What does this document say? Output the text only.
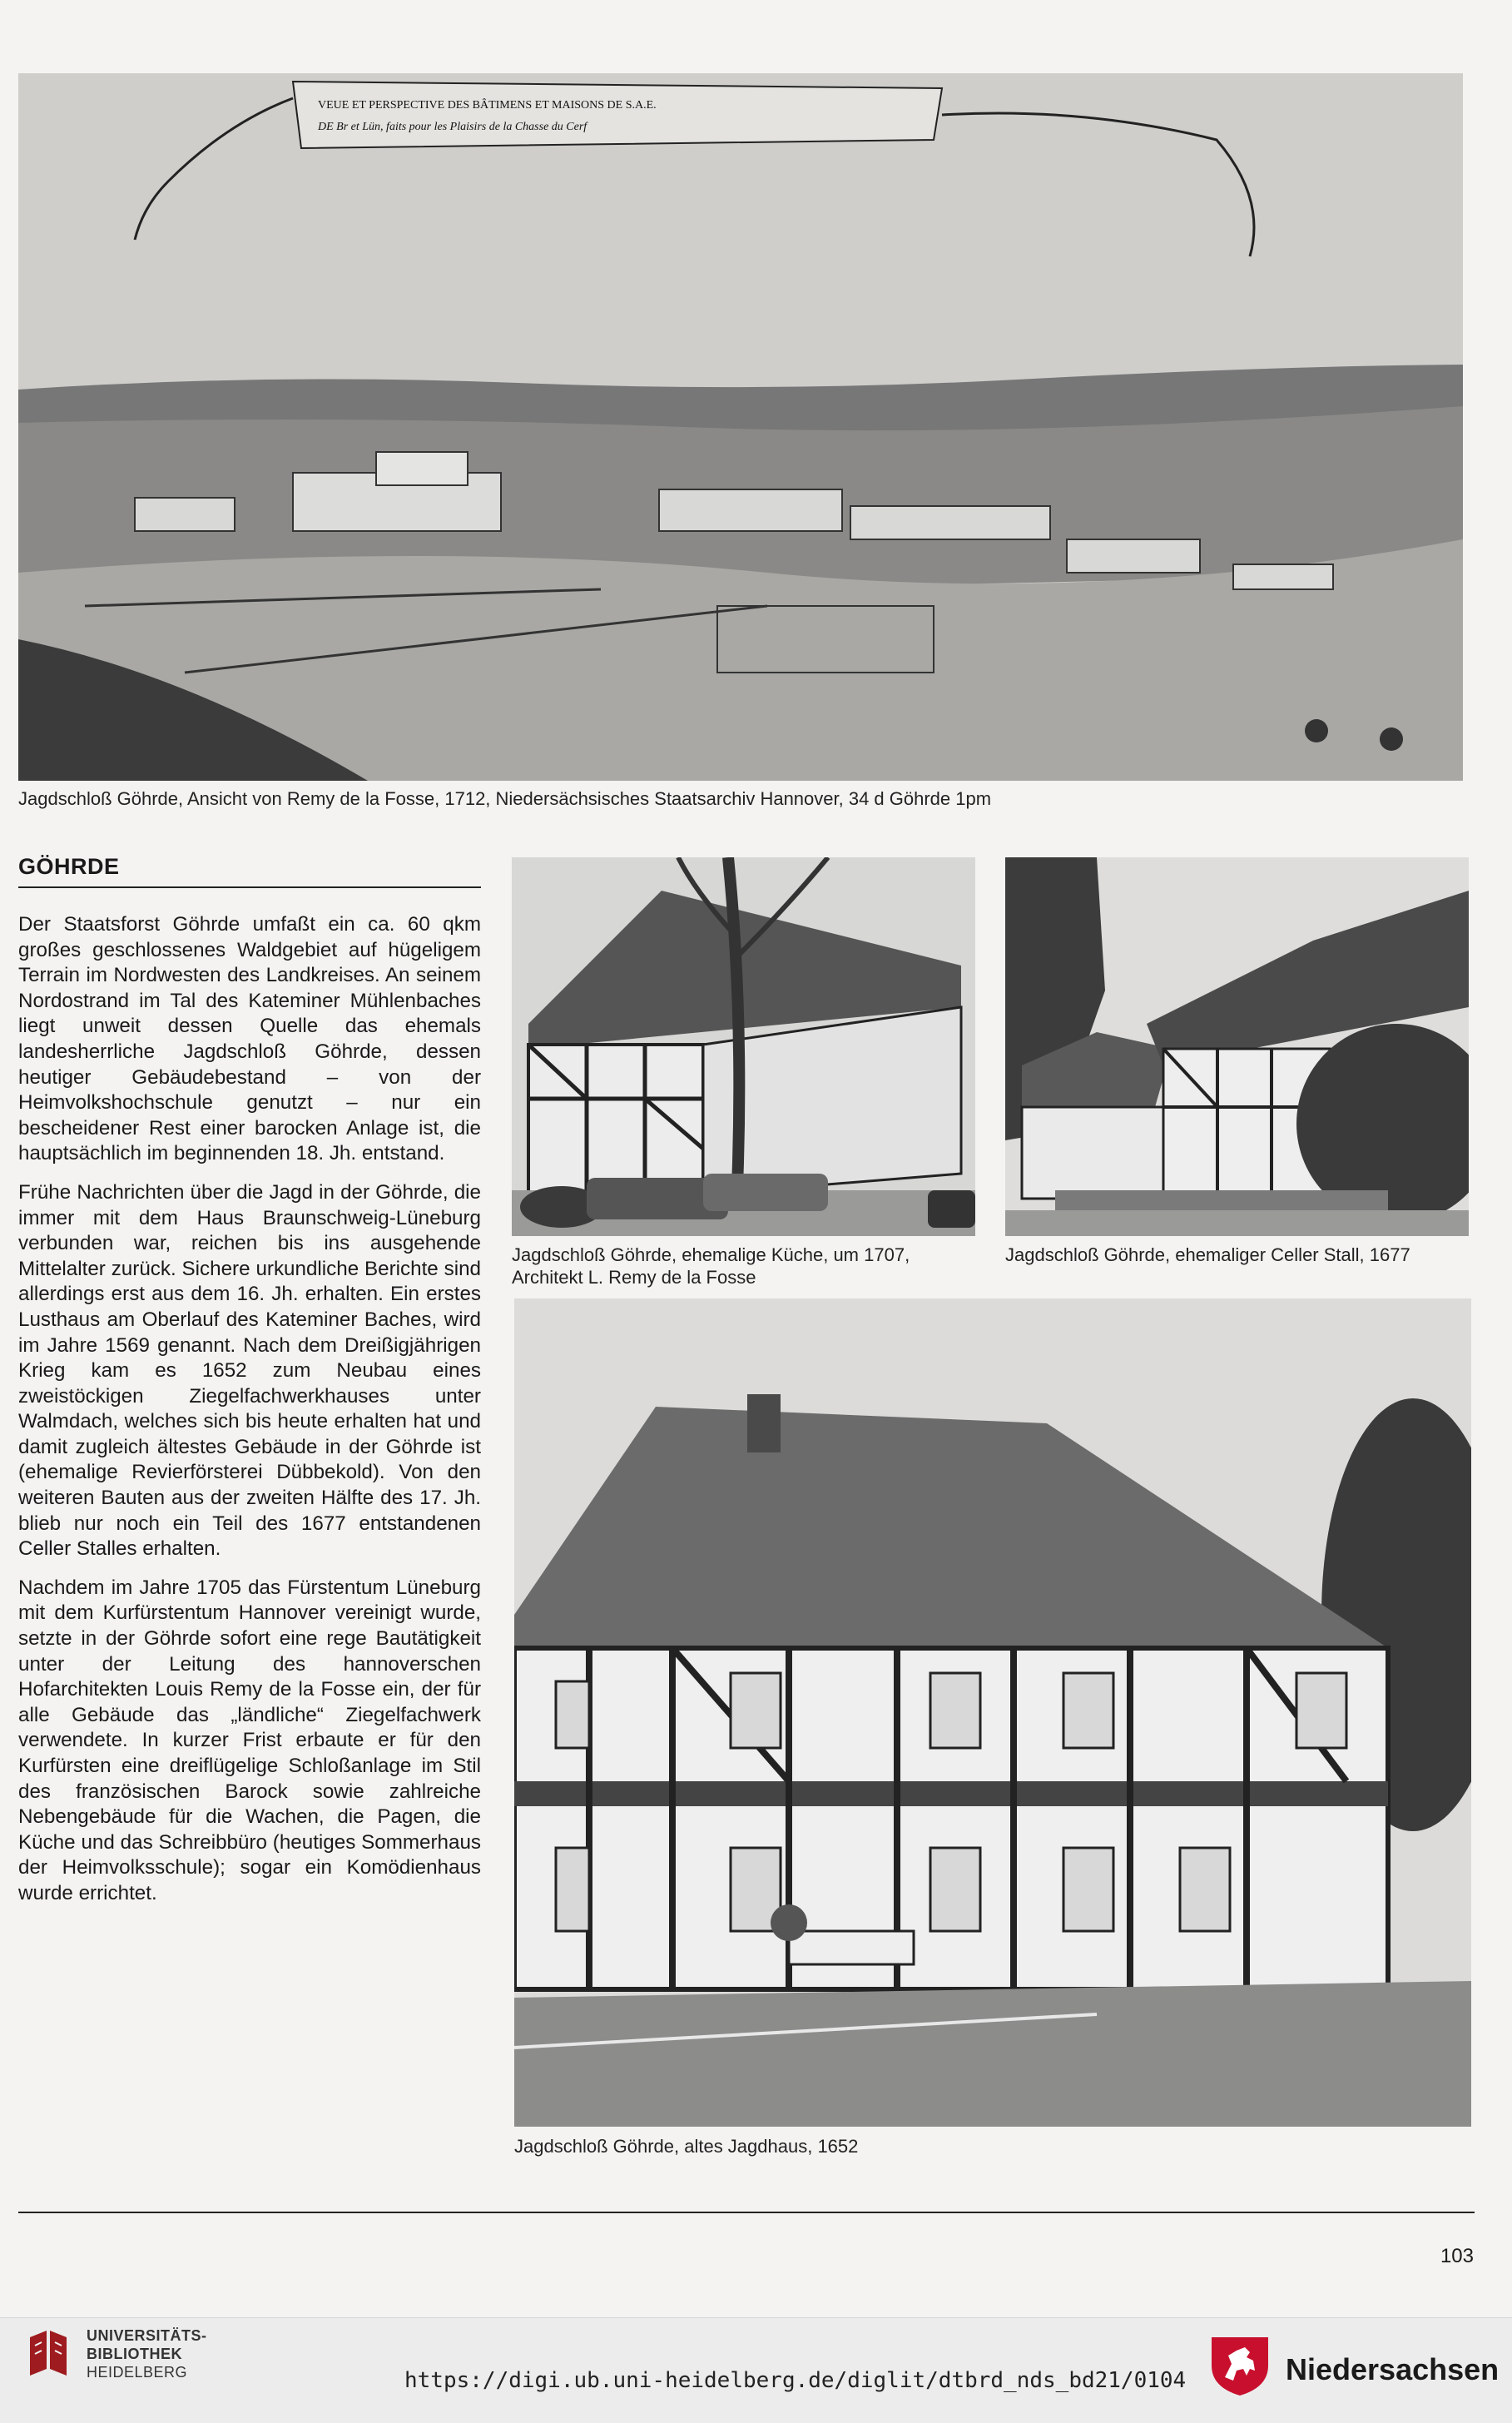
VEUE ET PERSPECTIVE DES BÂTIMENS ET MAISONS DE S.A.E.
DE Br et Lün, faits pour les Plaisirs de la Chasse du Cerf
Jagdschloß Göhrde, Ansicht von Remy de la Fosse, 1712, Niedersächsisches Staatsarchiv Hannover, 34 d Göhrde 1pm
GÖHRDE

Der Staatsforst Göhrde umfaßt ein ca. 60 qkm großes geschlossenes Waldgebiet auf hügeligem Terrain im Nordwesten des Landkreises. An seinem Nordostrand im Tal des Kateminer Mühlenbaches liegt unweit dessen Quelle das ehemals landesherrliche Jagdschloß Göhrde, dessen heutiger Gebäudebestand – von der Heimvolkshochschule genutzt – nur ein bescheidener Rest einer barocken Anlage ist, die hauptsächlich im beginnenden 18. Jh. entstand.

Frühe Nachrichten über die Jagd in der Göhrde, die immer mit dem Haus Braunschweig-Lüneburg verbunden war, reichen bis ins ausgehende Mittelalter zurück. Sichere urkundliche Berichte sind allerdings erst aus dem 16. Jh. erhalten. Ein erstes Lusthaus am Oberlauf des Kateminer Baches, wird im Jahre 1569 genannt. Nach dem Dreißigjährigen Krieg kam es 1652 zum Neubau eines zweistöckigen Ziegelfachwerkhauses unter Walmdach, welches sich bis heute erhalten hat und damit zugleich ältestes Gebäude in der Göhrde ist (ehemalige Revierförsterei Dübbekold). Von den weiteren Bauten aus der zweiten Hälfte des 17. Jh. blieb nur noch ein Teil des 1677 entstandenen Celler Stalles erhalten.

Nachdem im Jahre 1705 das Fürstentum Lüneburg mit dem Kurfürstentum Hannover vereinigt wurde, setzte in der Göhrde sofort eine rege Bautätigkeit unter der Leitung des hannoverschen Hofarchitekten Louis Remy de la Fosse ein, der für alle Gebäude das „ländliche“ Ziegelfachwerk verwendete. In kurzer Frist erbaute er für den Kurfürsten eine dreiflügelige Schloßanlage im Stil des französischen Barock sowie zahlreiche Nebengebäude für die Wachen, die Pagen, die Küche und das Schreibbüro (heutiges Sommerhaus der Heimvolksschule); sogar ein Komödienhaus wurde errichtet.

Jagdschloß Göhrde, ehemalige Küche, um 1707,
Architekt L. Remy de la Fosse
Jagdschloß Göhrde, ehemaliger Celler Stall, 1677
Jagdschloß Göhrde, altes Jagdhaus, 1652
103
UNIVERSITÄTS-
BIBLIOTHEK
HEIDELBERG	https://digi.ub.uni-heidelberg.de/diglit/dtbrd_nds_bd21/0104	Niedersachsen
